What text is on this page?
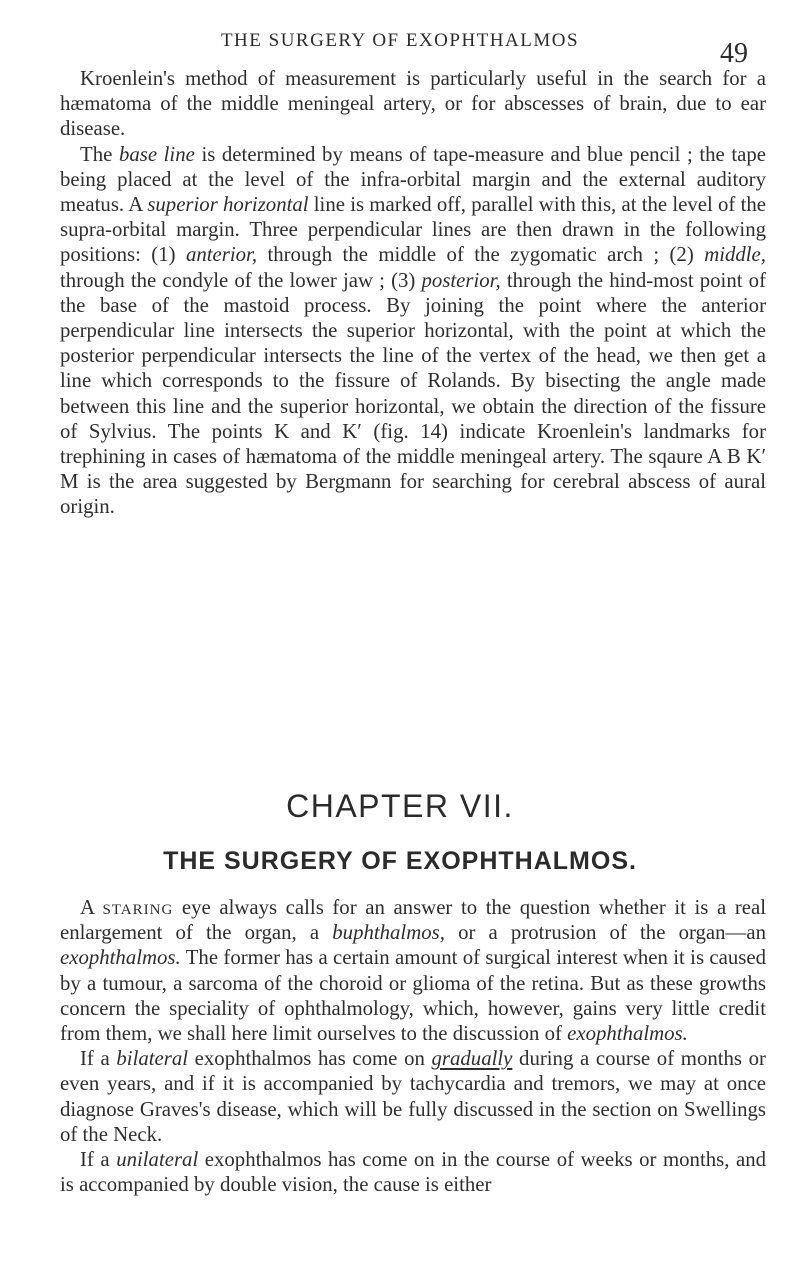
THE SURGERY OF EXOPHTHALMOS	49

Kroenlein's method of measurement is particularly useful in the search for a hæmatoma of the middle meningeal artery, or for abscesses of brain, due to ear disease.

The base line is determined by means of tape-measure and blue pencil ; the tape being placed at the level of the infra-orbital margin and the external auditory meatus. A superior horizontal line is marked off, parallel with this, at the level of the supra-orbital margin. Three perpendicular lines are then drawn in the following positions: (1) anterior, through the middle of the zygomatic arch ; (2) middle, through the condyle of the lower jaw ; (3) posterior, through the hind-most point of the base of the mastoid process. By joining the point where the anterior perpendicular line intersects the superior horizontal, with the point at which the posterior perpendicular intersects the line of the vertex of the head, we then get a line which corresponds to the fissure of Rolands. By bisecting the angle made between this line and the superior horizontal, we obtain the direction of the fissure of Sylvius. The points K and K′ (fig. 14) indicate Kroenlein's landmarks for trephining in cases of hæmatoma of the middle meningeal artery. The sqaure A B K′ M is the area suggested by Bergmann for searching for cerebral abscess of aural origin.

CHAPTER VII.
THE SURGERY OF EXOPHTHALMOS.

A staring eye always calls for an answer to the question whether it is a real enlargement of the organ, a buphthalmos, or a protrusion of the organ—an exophthalmos. The former has a certain amount of surgical interest when it is caused by a tumour, a sarcoma of the choroid or glioma of the retina. But as these growths concern the speciality of ophthalmology, which, however, gains very little credit from them, we shall here limit ourselves to the discussion of exophthalmos.

If a bilateral exophthalmos has come on gradually during a course of months or even years, and if it is accompanied by tachycardia and tremors, we may at once diagnose Graves's disease, which will be fully discussed in the section on Swellings of the Neck.

If a unilateral exophthalmos has come on in the course of weeks or months, and is accompanied by double vision, the cause is either
